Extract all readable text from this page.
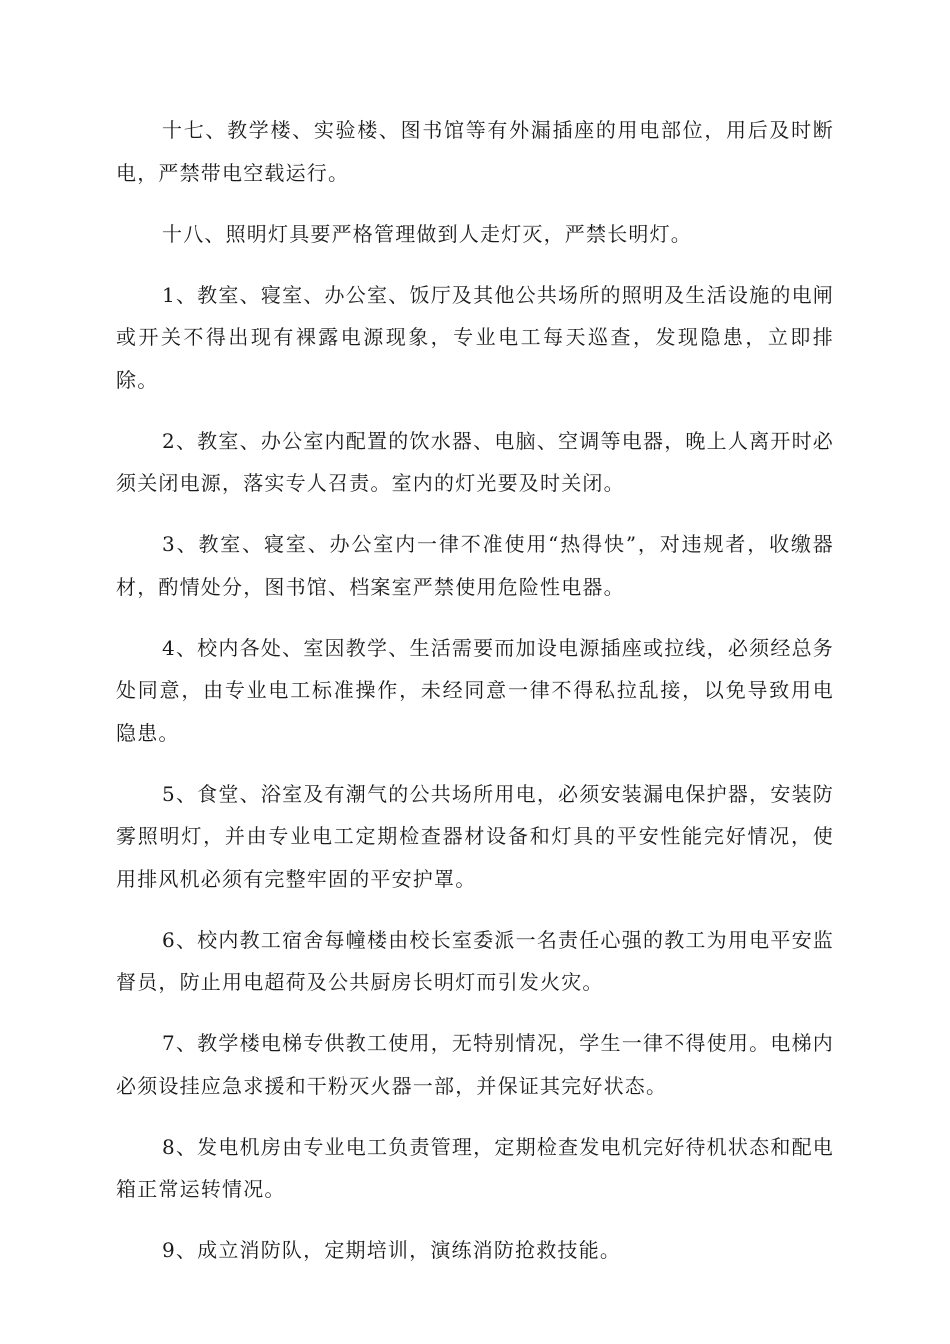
十七、教学楼、实验楼、图书馆等有外漏插座的用电部位，用后及时断电，严禁带电空载运行。

十八、照明灯具要严格管理做到人走灯灭，严禁长明灯。

1、教室、寝室、办公室、饭厅及其他公共场所的照明及生活设施的电闸或开关不得出现有裸露电源现象，专业电工每天巡查，发现隐患，立即排除。

2、教室、办公室内配置的饮水器、电脑、空调等电器，晚上人离开时必须关闭电源，落实专人召责。室内的灯光要及时关闭。

3、教室、寝室、办公室内一律不准使用“热得快”，对违规者，收缴器材，酌情处分，图书馆、档案室严禁使用危险性电器。

4、校内各处、室因教学、生活需要而加设电源插座或拉线，必须经总务处同意，由专业电工标准操作，未经同意一律不得私拉乱接，以免导致用电隐患。

5、食堂、浴室及有潮气的公共场所用电，必须安装漏电保护器，安装防雾照明灯，并由专业电工定期检查器材设备和灯具的平安性能完好情况，使用排风机必须有完整牢固的平安护罩。

6、校内教工宿舍每幢楼由校长室委派一名责任心强的教工为用电平安监督员，防止用电超荷及公共厨房长明灯而引发火灾。

7、教学楼电梯专供教工使用，无特别情况，学生一律不得使用。电梯内必须设挂应急求援和干粉灭火器一部，并保证其完好状态。

8、发电机房由专业电工负责管理，定期检查发电机完好待机状态和配电箱正常运转情况。

9、成立消防队，定期培训，演练消防抢救技能。
